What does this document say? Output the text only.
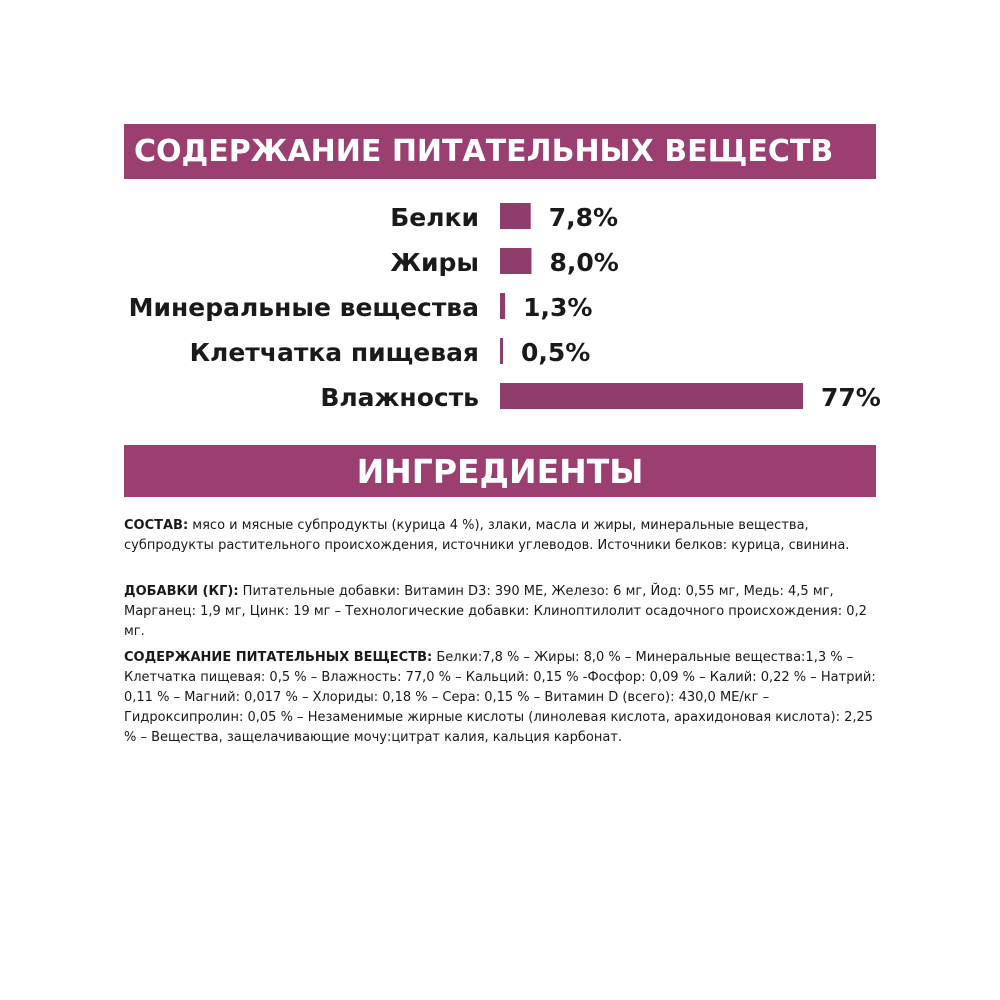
СОДЕРЖАНИЕ ПИТАТЕЛЬНЫХ ВЕЩЕСТВ
Белки	7,8%
Жиры	8,0%
Минеральные вещества 1,3%
Клетчатка пищевая 0,5%
Влажность	77%
ИНГРЕДИЕНТЫ
СОСТАВ: мясо и мясные субпродукты (курица 4 %), злаки, масла и жиры, минеральные вещества, субпродукты растительного происхождения, источники углеводов. Источники белков: курица, свинина.
ДОБАВКИ (КГ): Питательные добавки: Витамин D3: 390 МЕ, Железо: 6 мг, Йод: 0,55 мг, Медь: 4,5 мг, Марганец: 1,9 мг, Цинк: 19 мг – Технологические добавки: Клиноптилолит осадочного происхождения: 0,2 мг.
СОДЕРЖАНИЕ ПИТАТЕЛЬНЫХ ВЕЩЕСТВ: Белки:7,8 % – Жиры: 8,0 % – Минеральные вещества:1,3 % – Клетчатка пищевая: 0,5 % – Влажность: 77,0 % – Кальций: 0,15 % -Фосфор: 0,09 % – Калий: 0,22 % – Натрий: 0,11 % – Магний: 0,017 % – Хлориды: 0,18 % – Сера: 0,15 % – Витамин D (всего): 430,0 МЕ/кг – Гидроксипролин: 0,05 % – Незаменимые жирные кислоты (линолевая кислота, арахидоновая кислота): 2,25 % – Вещества, защелачивающие мочу:цитрат калия, кальция карбонат.
